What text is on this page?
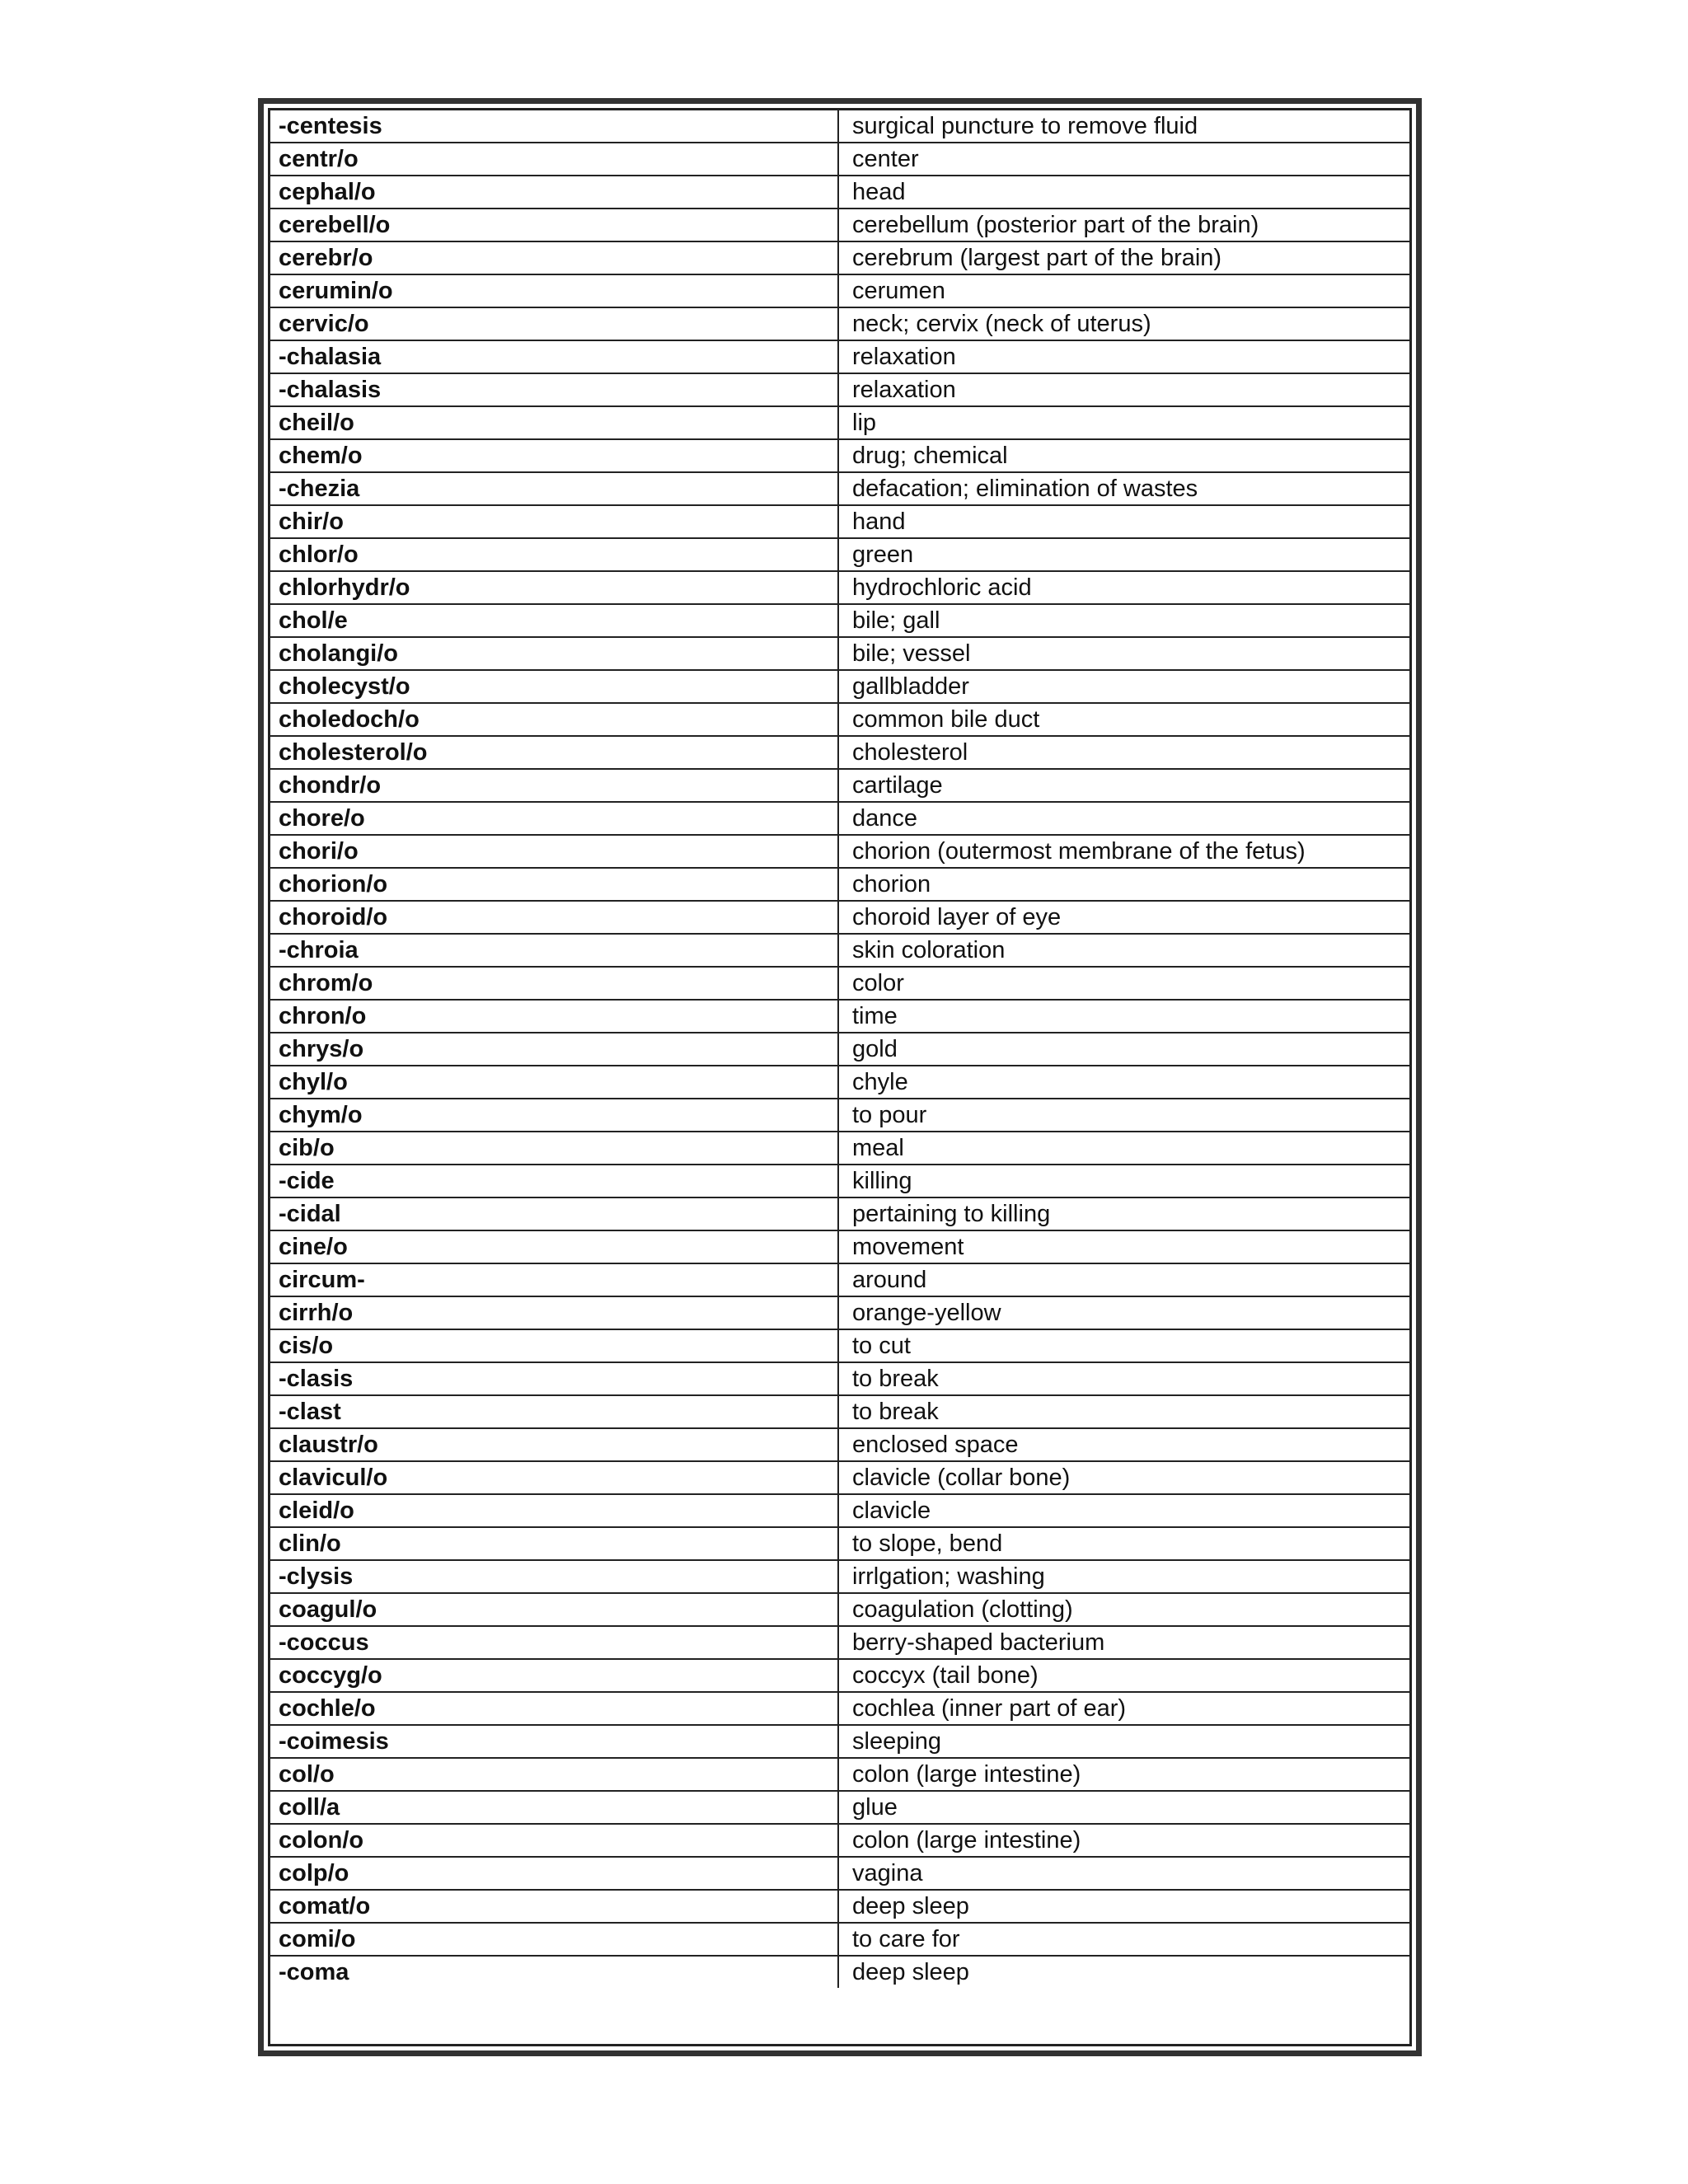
-centesis	surgical puncture to remove fluid
centr/o	center
cephal/o	head
cerebell/o	cerebellum (posterior part of the brain)
cerebr/o	cerebrum (largest part of the brain)
cerumin/o	cerumen
cervic/o	neck; cervix (neck of uterus)
-chalasia	relaxation
-chalasis	relaxation
cheil/o	lip
chem/o	drug; chemical
-chezia	defacation; elimination of wastes
chir/o	hand
chlor/o	green
chlorhydr/o	hydrochloric acid
chol/e	bile; gall
cholangi/o	bile; vessel
cholecyst/o	gallbladder
choledoch/o	common bile duct
cholesterol/o	cholesterol
chondr/o	cartilage
chore/o	dance
chori/o	chorion (outermost membrane of the fetus)
chorion/o	chorion
choroid/o	choroid layer of eye
-chroia	skin coloration
chrom/o	color
chron/o	time
chrys/o	gold
chyl/o	chyle
chym/o	to pour
cib/o	meal
-cide	killing
-cidal	pertaining to killing
cine/o	movement
circum-	around
cirrh/o	orange-yellow
cis/o	to cut
-clasis	to break
-clast	to break
claustr/o	enclosed space
clavicul/o	clavicle (collar bone)
cleid/o	clavicle
clin/o	to slope, bend
-clysis	irrlgation; washing
coagul/o	coagulation (clotting)
-coccus	berry-shaped bacterium
coccyg/o	coccyx (tail bone)
cochle/o	cochlea (inner part of ear)
-coimesis	sleeping
col/o	colon (large intestine)
coll/a	glue
colon/o	colon (large intestine)
colp/o	vagina
comat/o	deep sleep
comi/o	to care for
-coma	deep sleep
